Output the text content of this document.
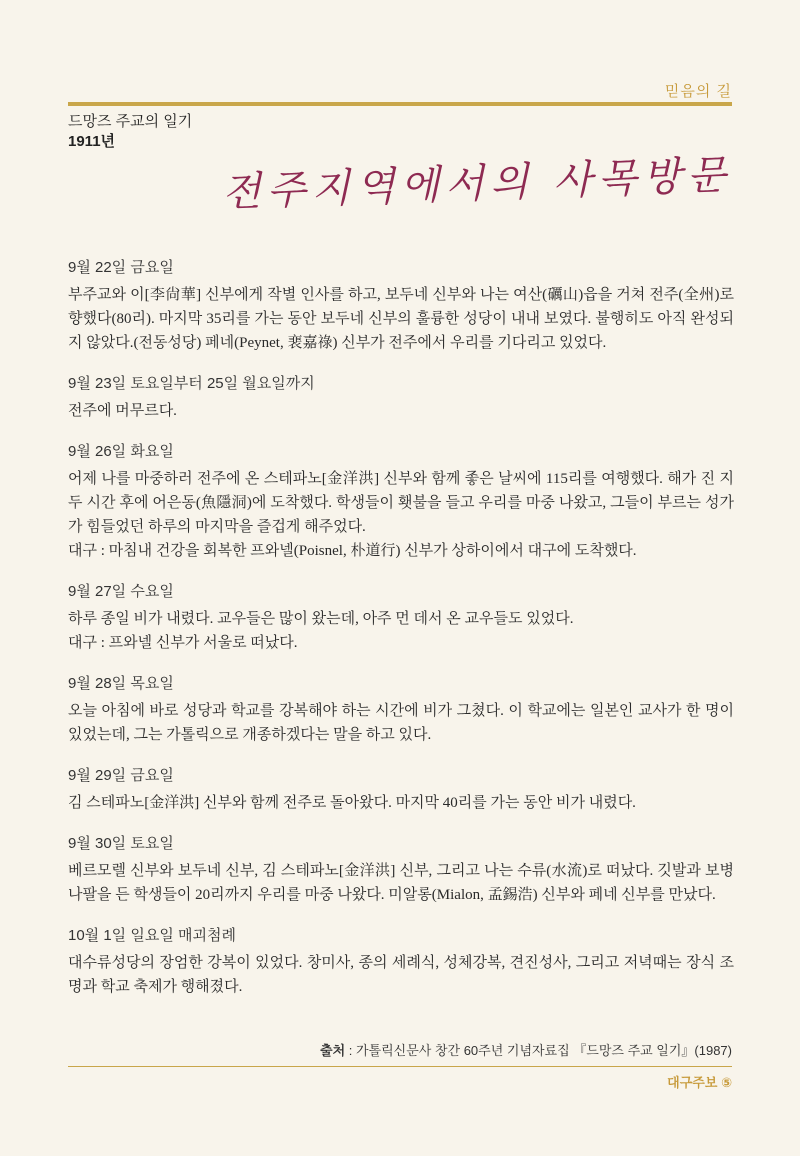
믿음의 길
드망즈 주교의 일기
1911년
전주지역에서의 사목방문
9월 22일 금요일

부주교와 이[李尙華] 신부에게 작별 인사를 하고, 보두네 신부와 나는 여산(礪山)읍을 거쳐 전주(全州)로 향했다(80리). 마지막 35리를 가는 동안 보두네 신부의 훌륭한 성당이 내내 보였다. 불행히도 아직 완성되지 않았다.(전동성당) 페네(Peynet, 裵嘉祿) 신부가 전주에서 우리를 기다리고 있었다.

9월 23일 토요일부터 25일 월요일까지

전주에 머무르다.

9월 26일 화요일

어제 나를 마중하러 전주에 온 스테파노[金洋洪] 신부와 함께 좋은 날씨에 115리를 여행했다. 해가 진 지 두 시간 후에 어은동(魚隱洞)에 도착했다. 학생들이 횃불을 들고 우리를 마중 나왔고, 그들이 부르는 성가가 힘들었던 하루의 마지막을 즐겁게 해주었다.

대구 : 마침내 건강을 회복한 프와넬(Poisnel, 朴道行) 신부가 상하이에서 대구에 도착했다.

9월 27일 수요일

하루 종일 비가 내렸다. 교우들은 많이 왔는데, 아주 먼 데서 온 교우들도 있었다.

대구 : 프와넬 신부가 서울로 떠났다.

9월 28일 목요일

오늘 아침에 바로 성당과 학교를 강복해야 하는 시간에 비가 그쳤다. 이 학교에는 일본인 교사가 한 명이 있었는데, 그는 가톨릭으로 개종하겠다는 말을 하고 있다.

9월 29일 금요일

김 스테파노[金洋洪] 신부와 함께 전주로 돌아왔다. 마지막 40리를 가는 동안 비가 내렸다.

9월 30일 토요일

베르모렐 신부와 보두네 신부, 김 스테파노[金洋洪] 신부, 그리고 나는 수류(水流)로 떠났다. 깃발과 보병 나팔을 든 학생들이 20리까지 우리를 마중 나왔다. 미알롱(Mialon, 孟錫浩) 신부와 페네 신부를 만났다.

10월 1일 일요일 매괴첨례

대수류성당의 장엄한 강복이 있었다. 창미사, 종의 세례식, 성체강복, 견진성사, 그리고 저녁때는 장식 조명과 학교 축제가 행해졌다.

출처 : 가톨릭신문사 창간 60주년 기념자료집 『드망즈 주교 일기』(1987)
대구주보 ⑤
